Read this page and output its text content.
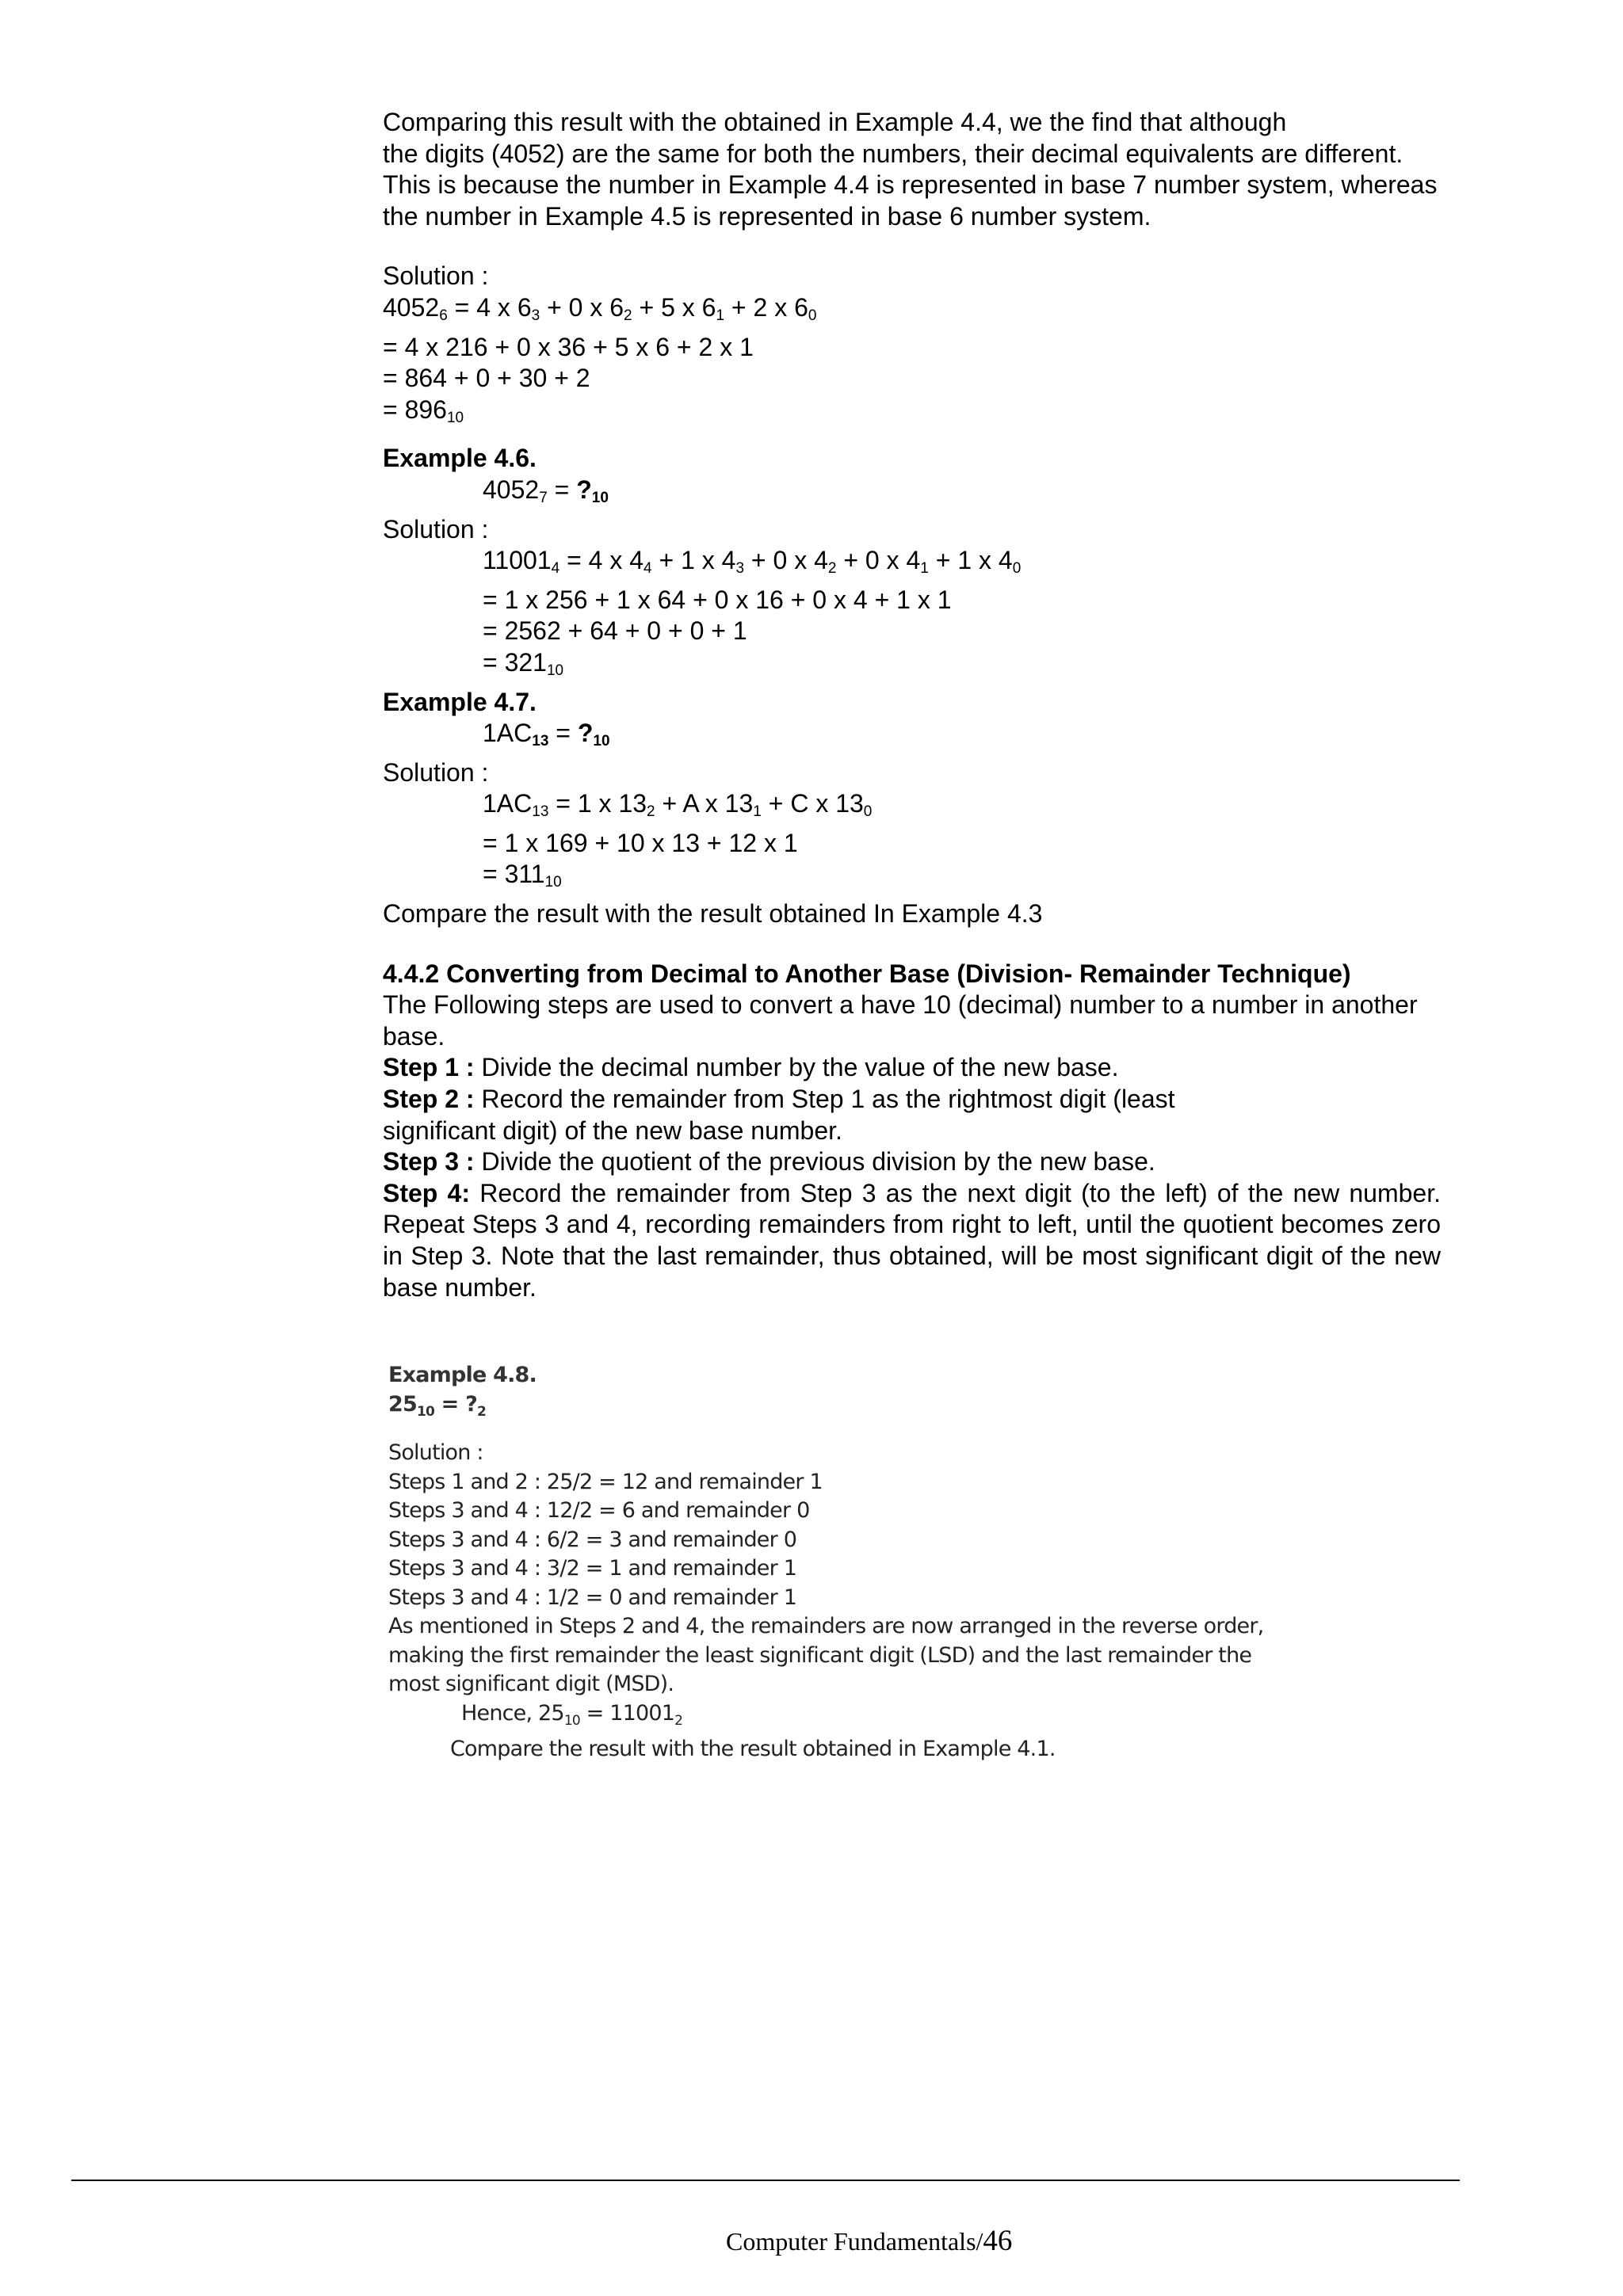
Comparing this result with the obtained in Example 4.4, we the find that although

the digits (4052) are the same for both the numbers, their decimal equivalents are different.

This is because the number in Example 4.4 is represented in base 7 number system, whereas the number in Example 4.5 is represented in base 6 number system.

Solution :

40526 = 4 x 63 + 0 x 62 + 5 x 61 + 2 x 60

= 4 x 216 + 0 x 36 + 5 x 6 + 2 x 1

= 864 + 0 + 30 + 2

= 89610

Example 4.6.

40527 = ?10

Solution :

110014 = 4 x 44 + 1 x 43 + 0 x 42 + 0 x 41 + 1 x 40

= 1 x 256 + 1 x 64 + 0 x 16 + 0 x 4 + 1 x 1

= 2562 + 64 + 0 + 0 + 1

= 32110

Example 4.7.

1AC13 = ?10

Solution :

1AC13 = 1 x 132 + A x 131 + C x 130

= 1 x 169 + 10 x 13 + 12 x 1

= 31110

Compare the result with the result obtained In Example 4.3

4.4.2 Converting from Decimal to Another Base (Division- Remainder Technique)

The Following steps are used to convert a have 10 (decimal) number to a number in another

base.

Step 1 : Divide the decimal number by the value of the new base.

Step 2 : Record the remainder from Step 1 as the rightmost digit (least

significant digit) of the new base number.

Step 3 : Divide the quotient of the previous division by the new base.

Step 4: Record the remainder from Step 3 as the next digit (to the left) of the new number. Repeat Steps 3 and 4, recording remainders from right to left, until the quotient becomes zero in Step 3. Note that the last remainder, thus obtained, will be most significant digit of the new base number.

Example 4.8.

$25_{10}$ = $?_2$

Solution :

Steps 1 and 2 : 25/2 = 12 and remainder 1

Steps 3 and 4 : 12/2 = 6 and remainder 0

Steps 3 and 4 : 6/2 = 3 and remainder 0

Steps 3 and 4 : 3/2 = 1 and remainder 1

Steps 3 and 4 : 1/2 = 0 and remainder 1

As mentioned in Steps 2 and 4, the remainders are now arranged in the reverse order,

making the first remainder the least significant digit (LSD) and the last remainder the

most significant digit (MSD).

Hence, $25_{10} = 11001_2$

Compare the result with the result obtained in Example 4.1.

Computer Fundamentals/46
